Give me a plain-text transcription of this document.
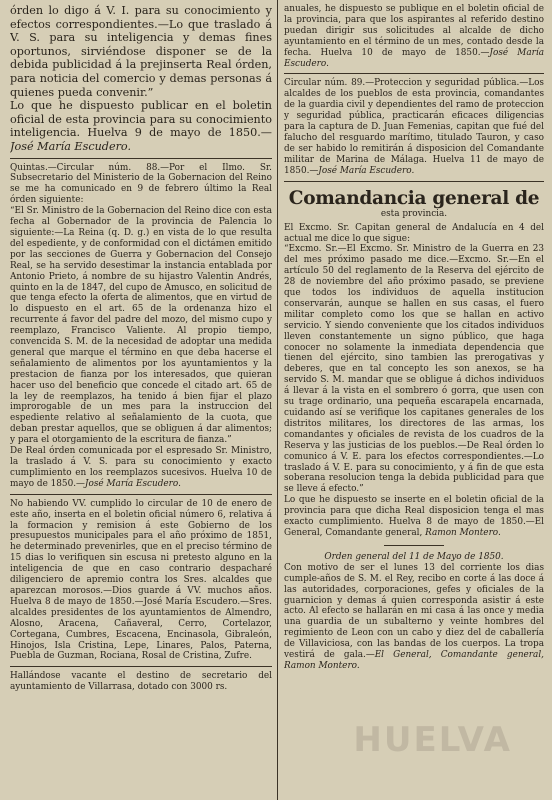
órden lo digo á V. I. para su conocimiento y efectos correspondientes.—Lo que traslado á V. S. para su inteligencia y demas fines oportunos, sirviéndose disponer se de la debida publicidad á la prejinserta Real órden, para noticia del comercio y demas personas á quienes pueda convenir.”

Lo que he dispuesto publicar en el boletin oficial de esta provincia para su conocimiento inteligencia. Huelva 9 de mayo de 1850.—José María Escudero.

Quintas.—Circular núm. 88.—Por el Ilmo. Sr. Subsecretario del Ministerio de la Gobernacion del Reino se me ha comunicado en 9 de febrero último la Real órden siguiente:

“El Sr. Ministro de la Gobernacion del Reino dice con esta fecha al Gobernador de la provincia de Palencia lo siguiente:—La Reina (q. D. g.) en vista de lo que resulta del espediente, y de conformidad con el dictámen emitido por las secciones de Guerra y Gobernacion del Consejo Real, se ha servido desestimar la instancia entablada por Antonio Prieto, á nombre de su hijastro Valentin Andrés, quinto en la de 1847, del cupo de Amusco, en solicitud de que tenga efecto la oferta de alimentos, que en virtud de lo dispuesto en el art. 65 de la ordenanza hizo el recurrente á favor del padre del mozo, del mismo cupo y reemplazo, Francisco Valiente. Al propio tiempo, convencida S. M. de la necesidad de adoptar una medida general que marque el término en que deba hacerse el señalamiento de alimentos por los ayuntamientos y la prestacion de fianza por los interesados, que quieran hacer uso del beneficio que concede el citado art. 65 de la ley de reemplazos, ha tenido á bien fijar el plazo improrogable de un mes para la instruccion del espediente relativo al señalamiento de la cuota, que deban prestar aquellos, que se obliguen á dar alimentos; y para el otorgamiento de la escritura de fianza.”

De Real órden comunicada por el espresado Sr. Ministro, la traslado á V. S. para su conocimiento y exacto cumplimiento en los reemplazos sucesivos. Huelva 10 de mayo de 1850.—José María Escudero.

No habiendo VV. cumplido lo circular de 10 de enero de este año, inserta en el boletin oficial número 6, relativa á la formacion y remision á este Gobierno de los presupuestos municipales para el año próximo de 1851, he determinado prevenirles, que en el preciso término de 15 dias lo verifiquen sin escusa ni pretesto alguno en la inteligencia de que en caso contrario despacharé diligenciero de apremio contra los Sres. alcaldes que aparezcan morosos.—Dios guarde á VV. muchos años. Huelva 8 de mayo de 1850.—José María Escudero.—Sres. alcaldes presidentes de los ayuntamientos de Almendro, Alosno, Aracena, Cañaveral, Cerro, Cortelazor, Cortegana, Cumbres, Escacena, Encinasola, Gibraleón, Hinojos, Isla Cristina, Lepe, Linares, Palos, Paterna, Puebla de Guzman, Rociana, Rosal de Cristina, Zufre.

Hallándose vacante el destino de secretario del ayuntamiento de Villarrasa, dotado con 3000 rs.

anuales, he dispuesto se publique en el boletin oficial de la provincia, para que los aspirantes al referido destino puedan dirigir sus solicitudes al alcalde de dicho ayuntamiento en el término de un mes, contado desde la fecha. Huelva 10 de mayo de 1850.—José María Escudero.

Circular núm. 89.—Proteccion y seguridad pública.—Los alcaldes de los pueblos de esta provincia, comandantes de la guardia civil y dependientes del ramo de proteccion y seguridad pública, practicarán eficaces diligencias para la captura de D. Juan Femenias, capitan que fué del falucho del resguardo marítimo, titulado Tauron, y caso de ser habido lo remitirán á disposicion del Comandante militar de Marina de Málaga. Huelva 11 de mayo de 1850.—José María Escudero.

Comandancia general de
esta provincia.

El Excmo. Sr. Capitan general de Andalucía en 4 del actual me dice lo que sigue:

“Excmo. Sr.—El Excmo. Sr. Ministro de la Guerra en 23 del mes próximo pasado me dice.—Excmo. Sr.—En el artículo 50 del reglamento de la Reserva del ejército de 28 de noviembre del año próximo pasado, se previene que todos los individuos de aquella institucion conservarán, aunque se hallen en sus casas, el fuero militar completo como los que se hallan en activo servicio. Y siendo conveniente que los citados individuos lleven constantemente un signo público, que haga conocer no solamente la inmediata dependencia que tienen del ejército, sino tambien las prerogativas y deberes, que en tal concepto les son anexos, se ha servido S. M. mandar que se obligue á dichos individuos á llevar á la vista en el sombrero ó gorra, que usen con su trage ordinario, una pequeña escarapela encarnada, cuidando así se verifique los capitanes generales de los distritos militares, los directores de las armas, los comandantes y oficiales de revista de los cuadros de la Reserva y las justicias de los pueblos.—De Real órden lo comunico á V. E. para los efectos correspondientes.—Lo traslado á V. E. para su conocimiento, y á fin de que esta soberana resolucion tenga la debida publicidad para que se lleve á efecto.”

Lo que he dispuesto se inserte en el boletin oficial de la provincia para que dicha Real disposicion tenga el mas exacto cumplimiento. Huelva 8 de mayo de 1850.—El General, Comandante general, Ramon Montero.

Orden general del 11 de Mayo de 1850.

Con motivo de ser el lunes 13 del corriente los dias cumple-años de S. M. el Rey, recibo en corte á las doce á las autoridades, corporaciones, gefes y oficiales de la guarnicion y demas á quien corresponda asistir á este acto. Al efecto se hallarán en mi casa á las once y media una guardia de un subalterno y veinte hombres del regimiento de Leon con un cabo y diez del de caballería de Villaviciosa, con las bandas de los cuerpos. La tropa vestirá de gala.—El General, Comandante general, Ramon Montero.

HUELVA
